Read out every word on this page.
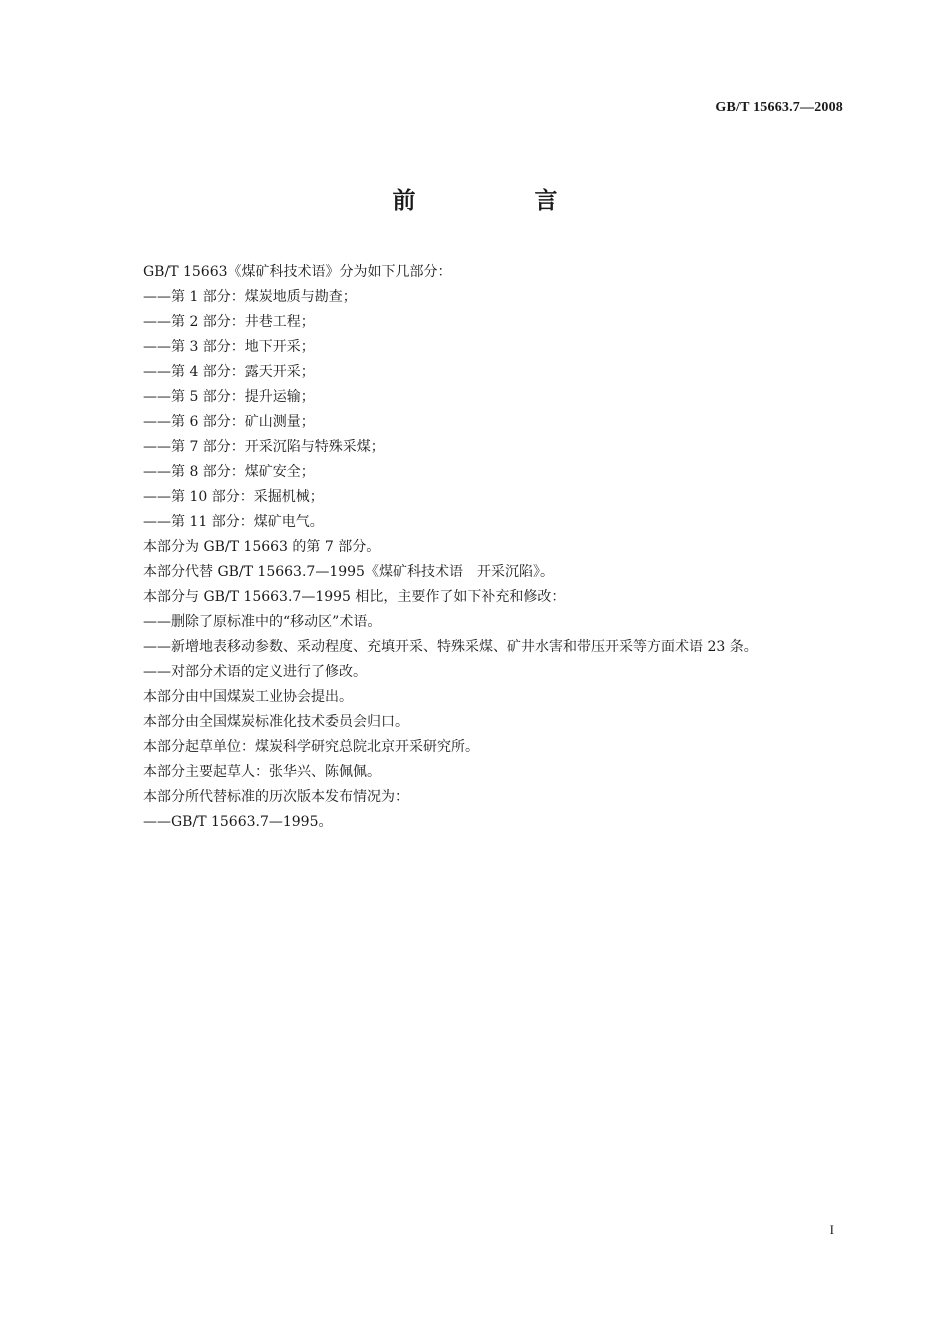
GB/T 15663.7—2008
前　言
GB/T 15663《煤矿科技术语》分为如下几部分：
——第 1 部分：煤炭地质与勘查；
——第 2 部分：井巷工程；
——第 3 部分：地下开采；
——第 4 部分：露天开采；
——第 5 部分：提升运输；
——第 6 部分：矿山测量；
——第 7 部分：开采沉陷与特殊采煤；
——第 8 部分：煤矿安全；
——第 10 部分：采掘机械；
——第 11 部分：煤矿电气。
本部分为 GB/T 15663 的第 7 部分。
本部分代替 GB/T 15663.7—1995《煤矿科技术语　开采沉陷》。
本部分与 GB/T 15663.7—1995 相比，主要作了如下补充和修改：
——删除了原标准中的“移动区”术语。
——新增地表移动参数、采动程度、充填开采、特殊采煤、矿井水害和带压开采等方面术语 23 条。
——对部分术语的定义进行了修改。
本部分由中国煤炭工业协会提出。
本部分由全国煤炭标准化技术委员会归口。
本部分起草单位：煤炭科学研究总院北京开采研究所。
本部分主要起草人：张华兴、陈佩佩。
本部分所代替标准的历次版本发布情况为：
——GB/T 15663.7—1995。
I
